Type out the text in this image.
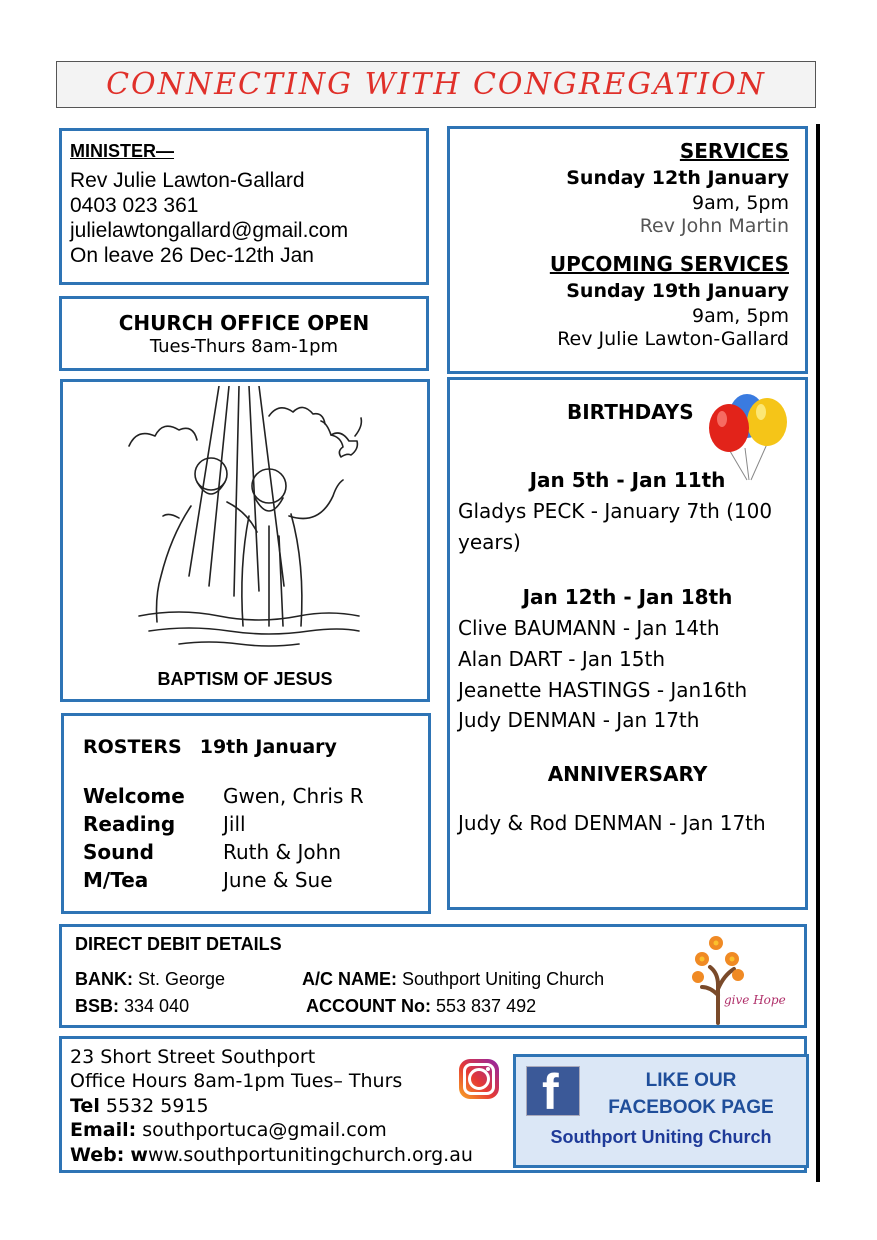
CONNECTING WITH CONGREGATION
MINISTER—
Rev Julie Lawton-Gallard
0403 023 361
julielawtongallard@gmail.com
On leave 26 Dec-12th Jan
CHURCH OFFICE OPEN
Tues-Thurs 8am-1pm
BAPTISM OF JESUS
ROSTERS 19th January
Welcome	Gwen, Chris R
Reading	Jill
Sound	Ruth & John
M/Tea	June & Sue
SERVICES
Sunday 12th January
9am, 5pm
Rev John Martin
UPCOMING SERVICES
Sunday 19th January
9am, 5pm
Rev Julie Lawton-Gallard
BIRTHDAYS
Jan 5th - Jan 11th
Gladys PECK - January 7th (100
years)
Jan 12th - Jan 18th
Clive BAUMANN - Jan 14th
Alan DART - Jan 15th
Jeanette HASTINGS - Jan16th
Judy DENMAN - Jan 17th
ANNIVERSARY
Judy & Rod DENMAN - Jan 17th
DIRECT DEBIT DETAILS
BANK: St. George	A/C NAME: Southport Uniting Church
BSB: 334 040	ACCOUNT No: 553 837 492	give Hope
23 Short Street Southport
Office Hours 8am-1pm Tues– Thurs
Tel 5532 5915
Email: southportuca@gmail.com
Web: www.southportunitingchurch.org.au
f	LIKE OUR
FACEBOOK PAGE
Southport Uniting Church
